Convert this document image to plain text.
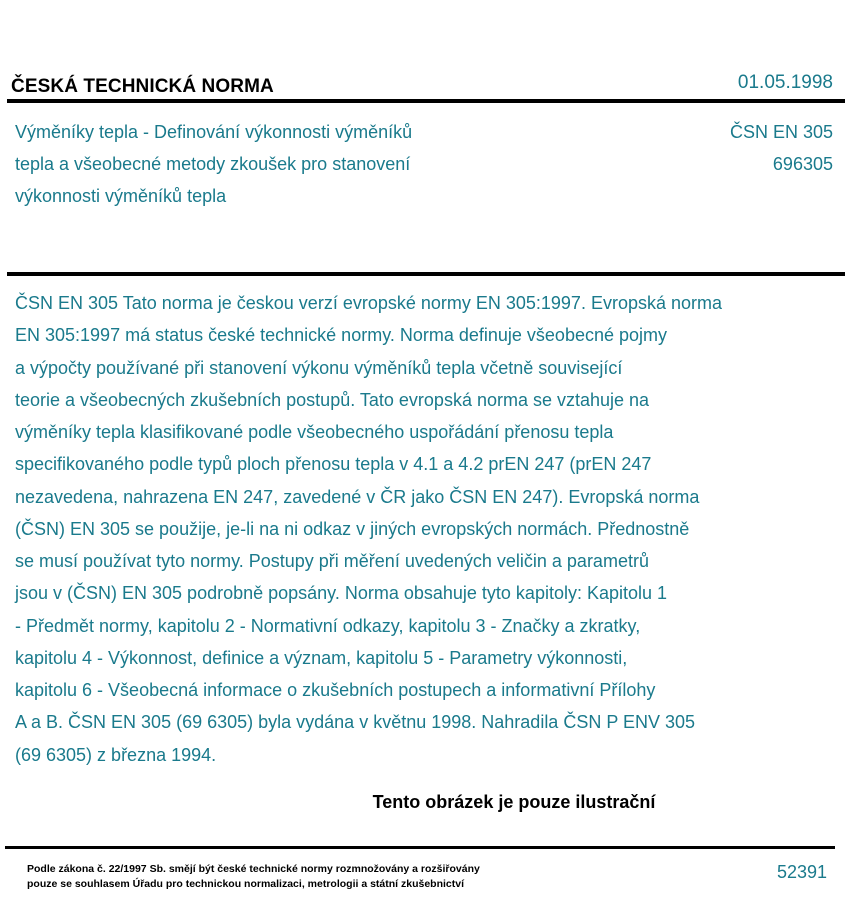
ČESKÁ TECHNICKÁ NORMA	01.05.1998
Výměníky tepla - Definování výkonnosti výměníků
tepla a všeobecné metody zkoušek pro stanovení
výkonnosti výměníků tepla
ČSN EN 305
696305
ČSN EN 305 Tato norma je českou verzí evropské normy EN 305:1997. Evropská norma
EN 305:1997 má status české technické normy. Norma definuje všeobecné pojmy
a výpočty používané při stanovení výkonu výměníků tepla včetně související
teorie a všeobecných zkušebních postupů. Tato evropská norma se vztahuje na
výměníky tepla klasifikované podle všeobecného uspořádání přenosu tepla
specifikovaného podle typů ploch přenosu tepla v 4.1 a 4.2 prEN 247 (prEN 247
nezavedena, nahrazena EN 247, zavedené v ČR jako ČSN EN 247). Evropská norma
(ČSN) EN 305 se použije, je-li na ni odkaz v jiných evropských normách. Přednostně
se musí používat tyto normy. Postupy při měření uvedených veličin a parametrů
jsou v (ČSN) EN 305 podrobně popsány. Norma obsahuje tyto kapitoly: Kapitolu 1
- Předmět normy, kapitolu 2 - Normativní odkazy, kapitolu 3 - Značky a zkratky,
kapitolu 4 - Výkonnost, definice a význam, kapitolu 5 - Parametry výkonnosti,
kapitolu 6 - Všeobecná informace o zkušebních postupech a informativní Přílohy
A a B. ČSN EN 305 (69 6305) byla vydána v květnu 1998. Nahradila ČSN P ENV 305
(69 6305) z března 1994.
Tento obrázek je pouze ilustrační
Podle zákona č. 22/1997 Sb. smějí být české technické normy rozmnožovány a rozšiřovány
pouze se souhlasem Úřadu pro technickou normalizaci, metrologii a státní zkušebnictví
52391
